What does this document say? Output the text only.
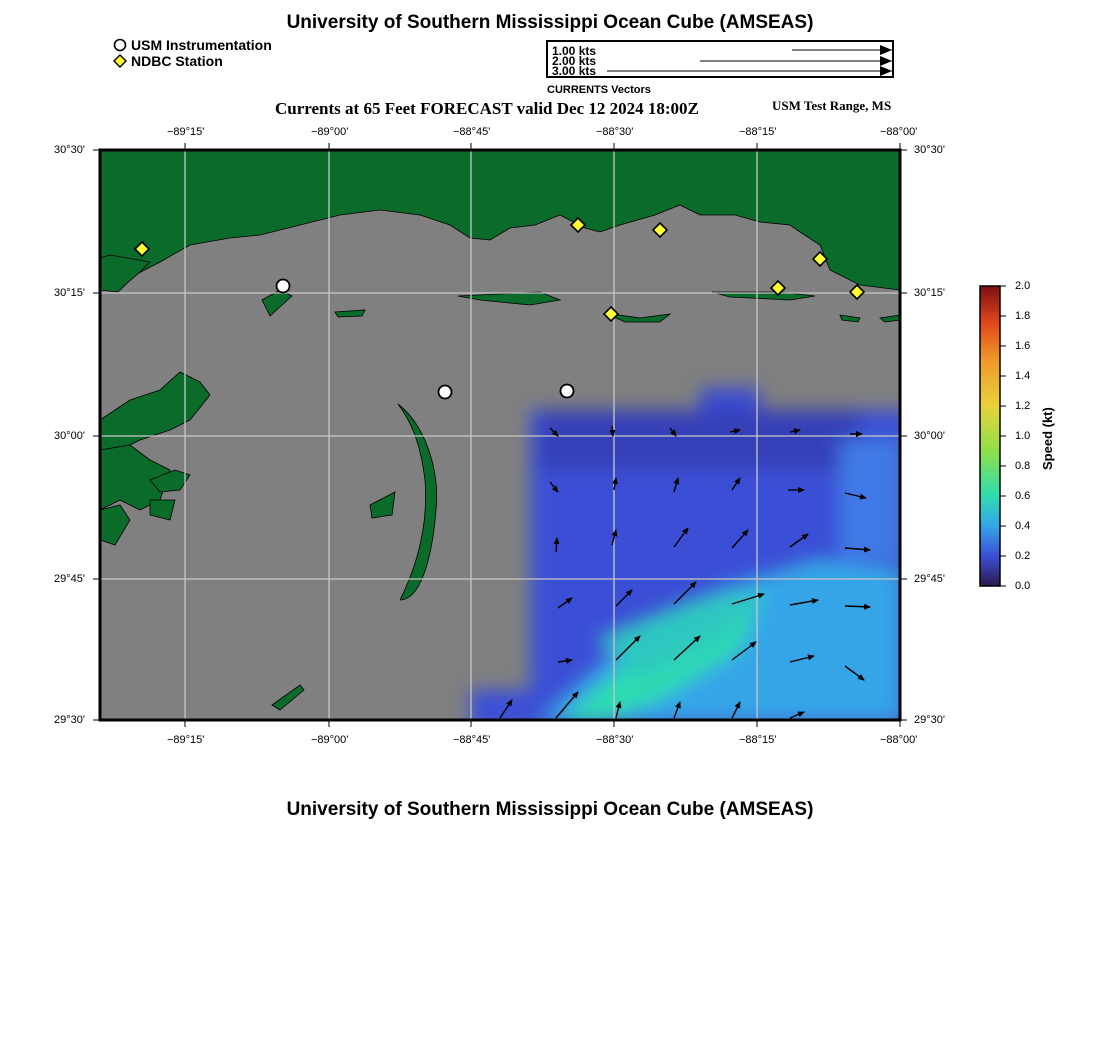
University of Southern Mississippi Ocean Cube (AMSEAS)
USM Instrumentation
NDBC Station
1.00 kts
2.00 kts
3.00 kts
CURRENTS Vectors
Currents at 65 Feet FORECAST valid Dec 12 2024 18:00Z	USM Test Range, MS
−89°15'	−89°00'	−88°45'	−88°30'	−88°15'	−88°00'
−89°15'	−89°00'	−88°45'	−88°30'	−88°15'	−88°00'
30°30'
30°15'
30°00'
29°45'
29°30'
30°30'
30°15'
30°00'
29°45'
29°30'
2.0
1.8
1.6
1.4
1.2
1.0
0.8
0.6
0.4
0.2
0.0
Speed (kt)
University of Southern Mississippi Ocean Cube (AMSEAS)
